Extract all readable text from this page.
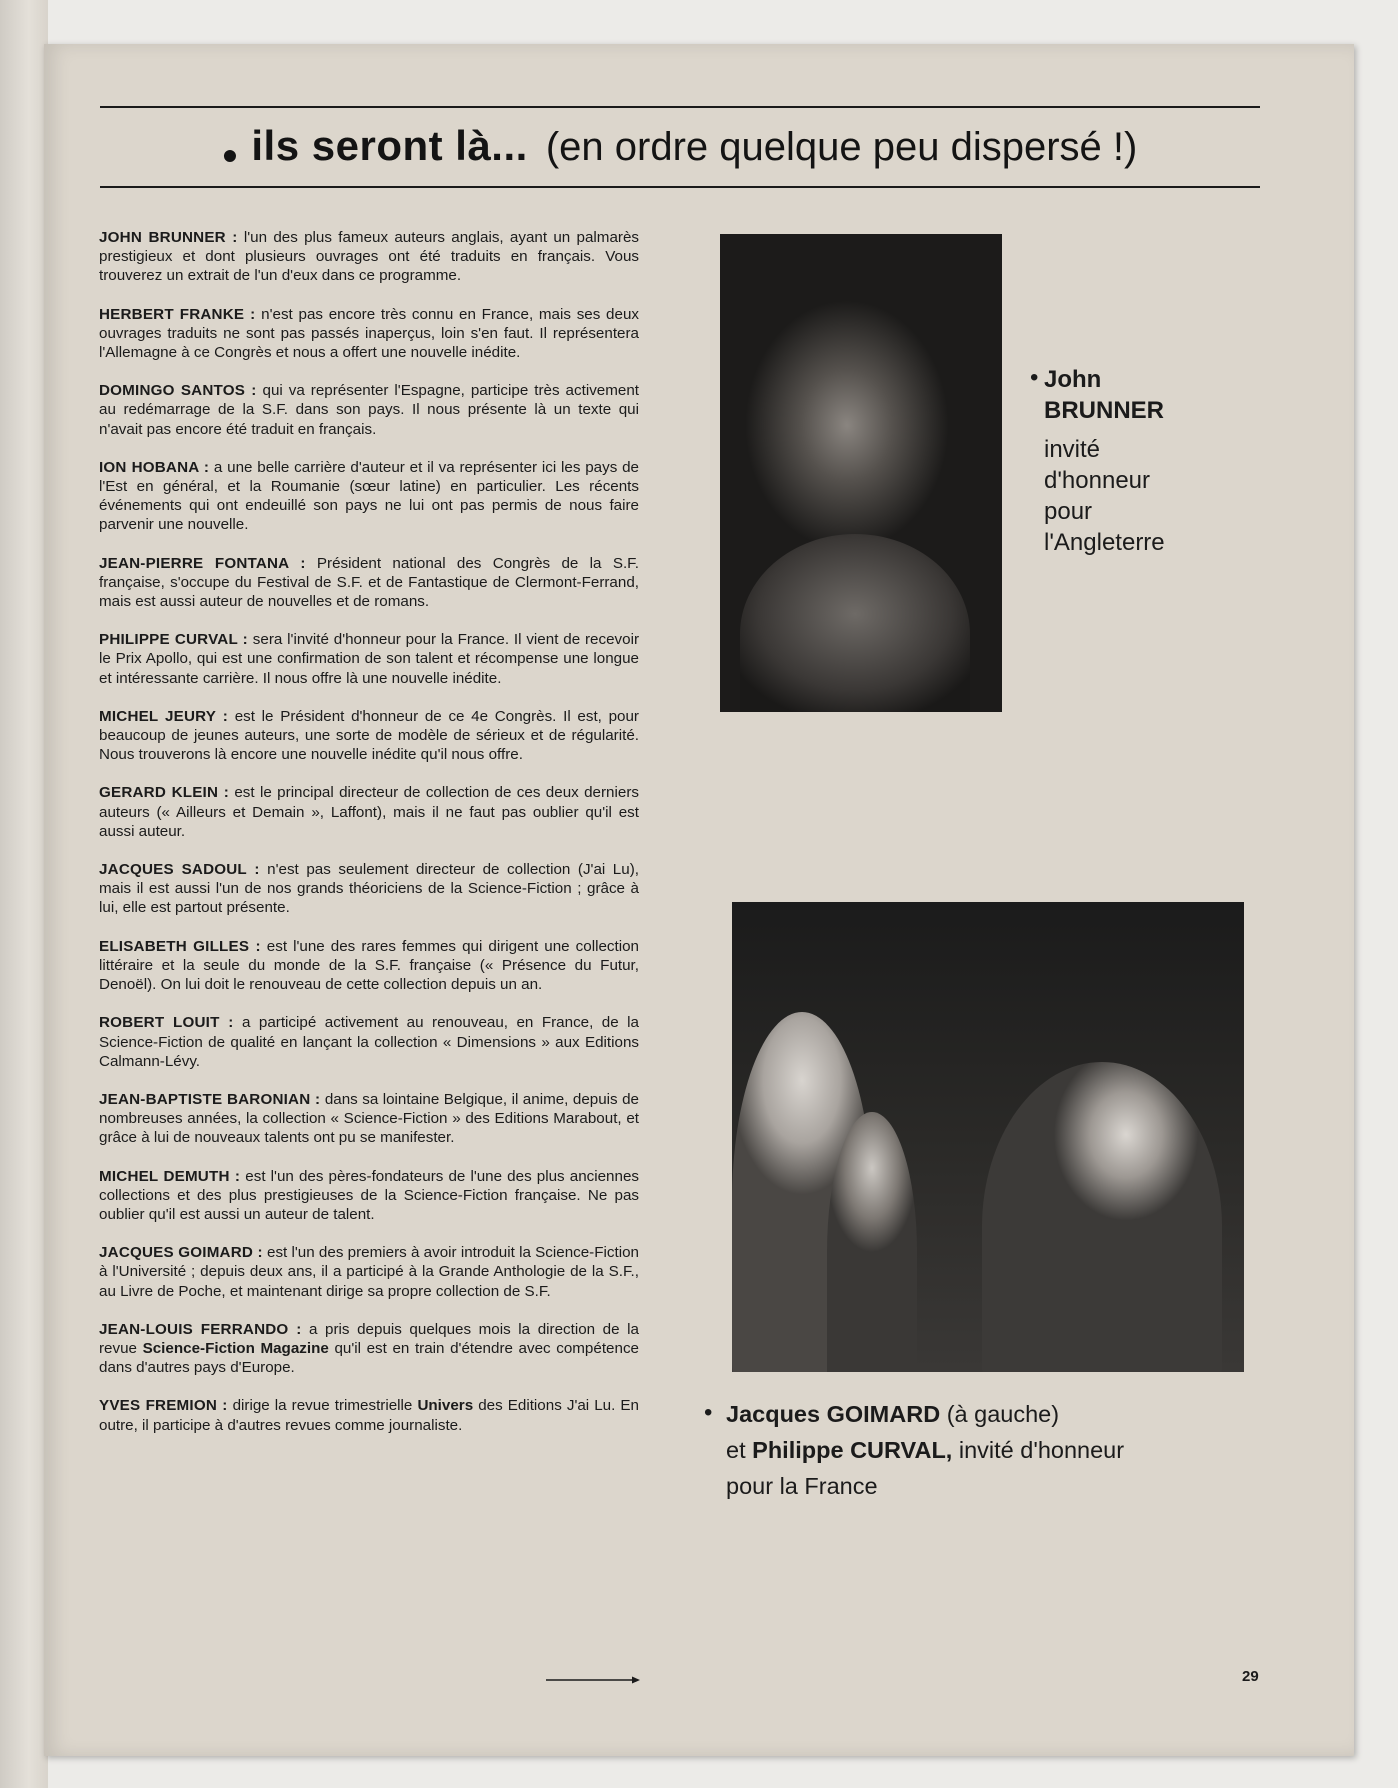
• ils seront là... (en ordre quelque peu dispersé !)

JOHN BRUNNER : l'un des plus fameux auteurs anglais, ayant un palmarès prestigieux et dont plusieurs ouvrages ont été traduits en français. Vous trouverez un extrait de l'un d'eux dans ce programme.

HERBERT FRANKE : n'est pas encore très connu en France, mais ses deux ouvrages traduits ne sont pas passés inaperçus, loin s'en faut. Il représentera l'Allemagne à ce Congrès et nous a offert une nouvelle inédite.

DOMINGO SANTOS : qui va représenter l'Espagne, participe très activement au redémarrage de la S.F. dans son pays. Il nous présente là un texte qui n'avait pas encore été traduit en français.

ION HOBANA : a une belle carrière d'auteur et il va représenter ici les pays de l'Est en général, et la Roumanie (sœur latine) en particulier. Les récents événements qui ont endeuillé son pays ne lui ont pas permis de nous faire parvenir une nouvelle.

JEAN-PIERRE FONTANA : Président national des Congrès de la S.F. française, s'occupe du Festival de S.F. et de Fantastique de Clermont-Ferrand, mais est aussi auteur de nouvelles et de romans.

PHILIPPE CURVAL : sera l'invité d'honneur pour la France. Il vient de recevoir le Prix Apollo, qui est une confirmation de son talent et récompense une longue et intéressante carrière. Il nous offre là une nouvelle inédite.

MICHEL JEURY : est le Président d'honneur de ce 4e Congrès. Il est, pour beaucoup de jeunes auteurs, une sorte de modèle de sérieux et de régularité. Nous trouverons là encore une nouvelle inédite qu'il nous offre.

GERARD KLEIN : est le principal directeur de collection de ces deux derniers auteurs (« Ailleurs et Demain », Laffont), mais il ne faut pas oublier qu'il est aussi auteur.

JACQUES SADOUL : n'est pas seulement directeur de collection (J'ai Lu), mais il est aussi l'un de nos grands théoriciens de la Science-Fiction ; grâce à lui, elle est partout présente.

ELISABETH GILLES : est l'une des rares femmes qui dirigent une collection littéraire et la seule du monde de la S.F. française (« Présence du Futur, Denoël). On lui doit le renouveau de cette collection depuis un an.

ROBERT LOUIT : a participé activement au renouveau, en France, de la Science-Fiction de qualité en lançant la collection « Dimensions » aux Editions Calmann-Lévy.

JEAN-BAPTISTE BARONIAN : dans sa lointaine Belgique, il anime, depuis de nombreuses années, la collection « Science-Fiction » des Editions Marabout, et grâce à lui de nouveaux talents ont pu se manifester.

MICHEL DEMUTH : est l'un des pères-fondateurs de l'une des plus anciennes collections et des plus prestigieuses de la Science-Fiction française. Ne pas oublier qu'il est aussi un auteur de talent.

JACQUES GOIMARD : est l'un des premiers à avoir introduit la Science-Fiction à l'Université ; depuis deux ans, il a participé à la Grande Anthologie de la S.F., au Livre de Poche, et maintenant dirige sa propre collection de S.F.

JEAN-LOUIS FERRANDO : a pris depuis quelques mois la direction de la revue Science-Fiction Magazine qu'il est en train d'étendre avec compétence dans d'autres pays d'Europe.

YVES FREMION : dirige la revue trimestrielle Univers des Editions J'ai Lu. En outre, il participe à d'autres revues comme journaliste.

• John
BRUNNER
invité
d'honneur
pour
l'Angleterre
• Jacques GOIMARD (à gauche)
et Philippe CURVAL, invité d'honneur
pour la France
29
